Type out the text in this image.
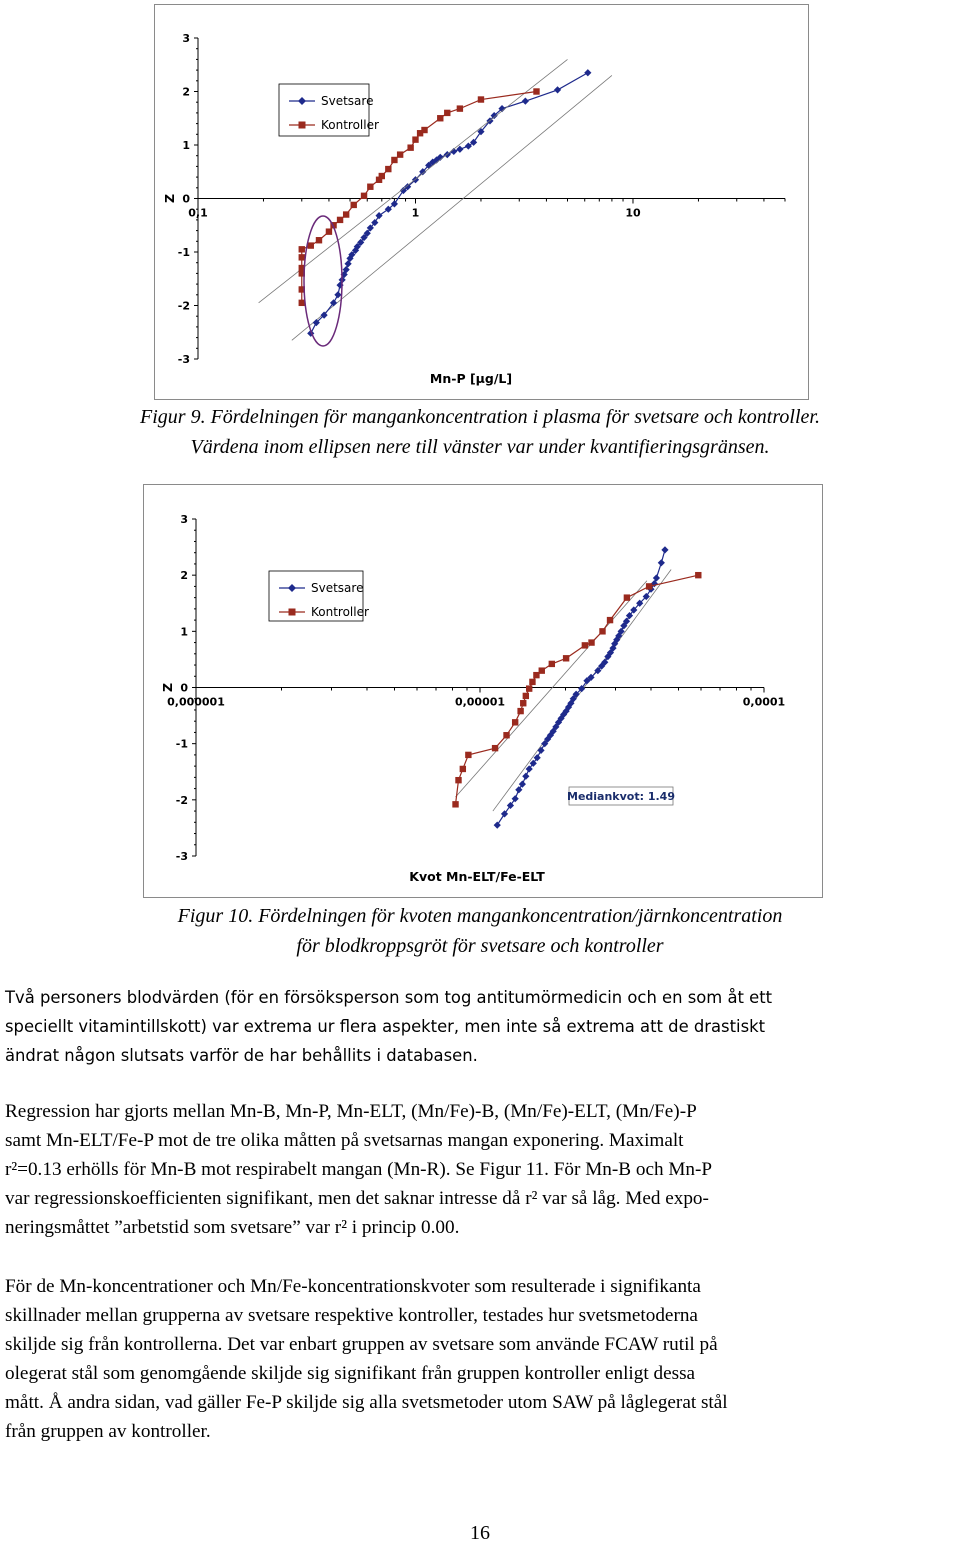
3
2
1
0
-1
-2
-3
0,1	1	10
Z
Mn-P [µg/L]
Svetsare
Kontroller
Figur 9. Fördelningen för mangankoncentration i plasma för svetsare och kontroller.
Värdena inom ellipsen nere till vänster var under kvantifieringsgränsen.
3
2
1
0
-1
-2
-3
0,000001	0,00001	0,0001
Z
Kvot Mn-ELT/Fe-ELT
Svetsare
Kontroller
Mediankvot: 1.49
Figur 10. Fördelningen för kvoten mangankoncentration/järnkoncentration
för blodkroppsgröt för svetsare och kontroller
Två personers blodvärden (för en försöksperson som tog antitumörmedicin och en som åt ett
speciellt vitamintillskott) var extrema ur flera aspekter, men inte så extrema att de drastiskt
ändrat någon slutsats varför de har behållits i databasen.
Regression har gjorts mellan Mn-B, Mn-P, Mn-ELT, (Mn/Fe)-B, (Mn/Fe)-ELT, (Mn/Fe)-P
samt Mn-ELT/Fe-P mot de tre olika måtten på svetsarnas mangan exponering. Maximalt
r²=0.13 erhölls för Mn-B mot respirabelt mangan (Mn-R). Se Figur 11. För Mn-B och Mn-P
var regressionskoefficienten signifikant, men det saknar intresse då r² var så låg. Med expo-
neringsmåttet ”arbetstid som svetsare” var r² i princip 0.00.
För de Mn-koncentrationer och Mn/Fe-koncentrationskvoter som resulterade i signifikanta
skillnader mellan grupperna av svetsare respektive kontroller, testades hur svetsmetoderna
skiljde sig från kontrollerna. Det var enbart gruppen av svetsare som använde FCAW rutil på
olegerat stål som genomgående skiljde sig signifikant från gruppen kontroller enligt dessa
mått. Å andra sidan, vad gäller Fe-P skiljde sig alla svetsmetoder utom SAW på låglegerat stål
från gruppen av kontroller.
16
